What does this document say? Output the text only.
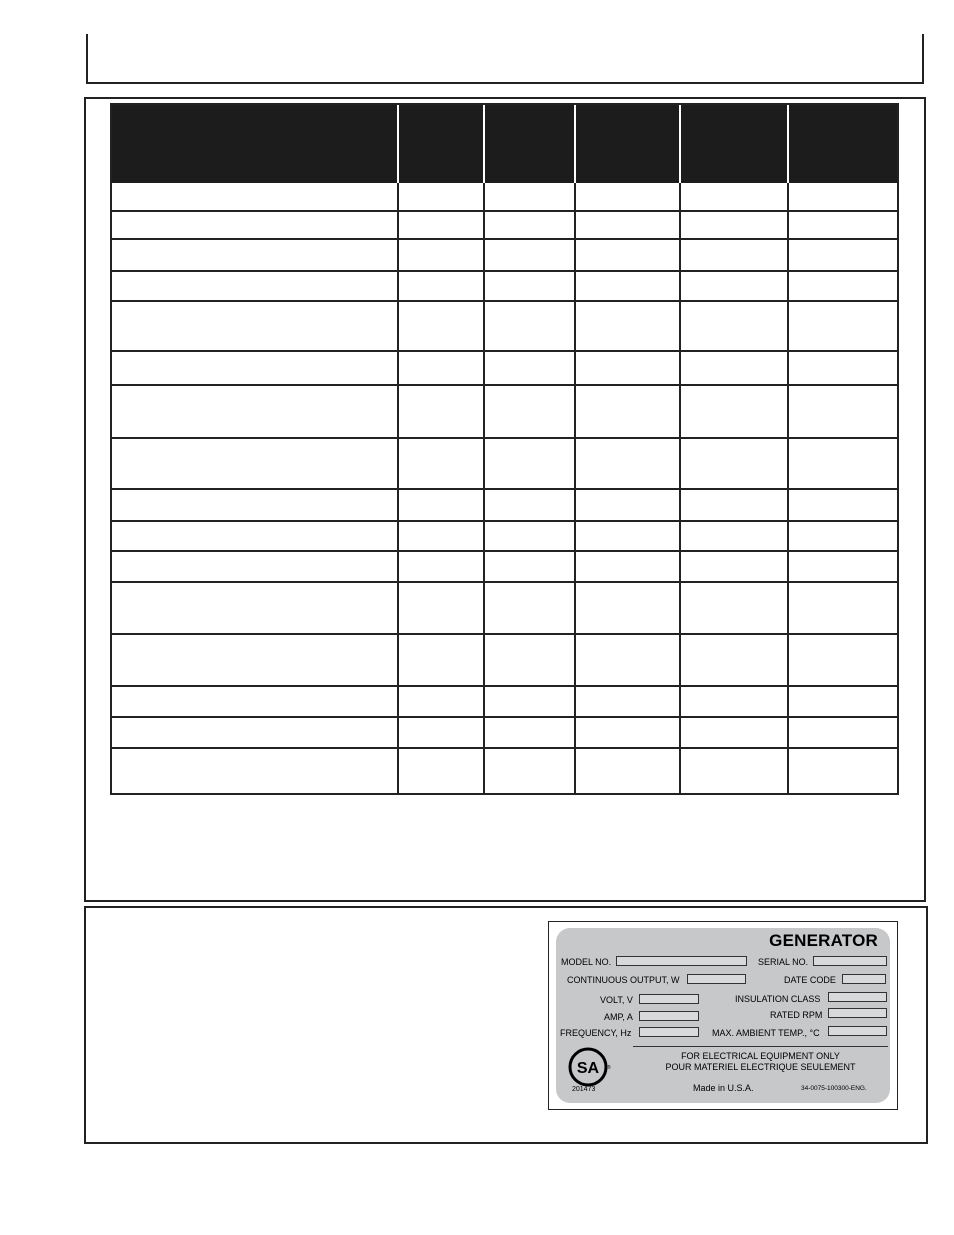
GENERATOR
MODEL NO.	SERIAL NO.
CONTINUOUS OUTPUT, W	DATE CODE
VOLT, V	INSULATION CLASS
AMP, A	RATED RPM
FREQUENCY, Hz	MAX. AMBIENT TEMP., °C
FOR ELECTRICAL EQUIPMENT ONLY
POUR MATERIEL ELECTRIQUE SEULEMENT
SA ®
201473	Made in U.S.A.	34-0075-100300-ENG.
